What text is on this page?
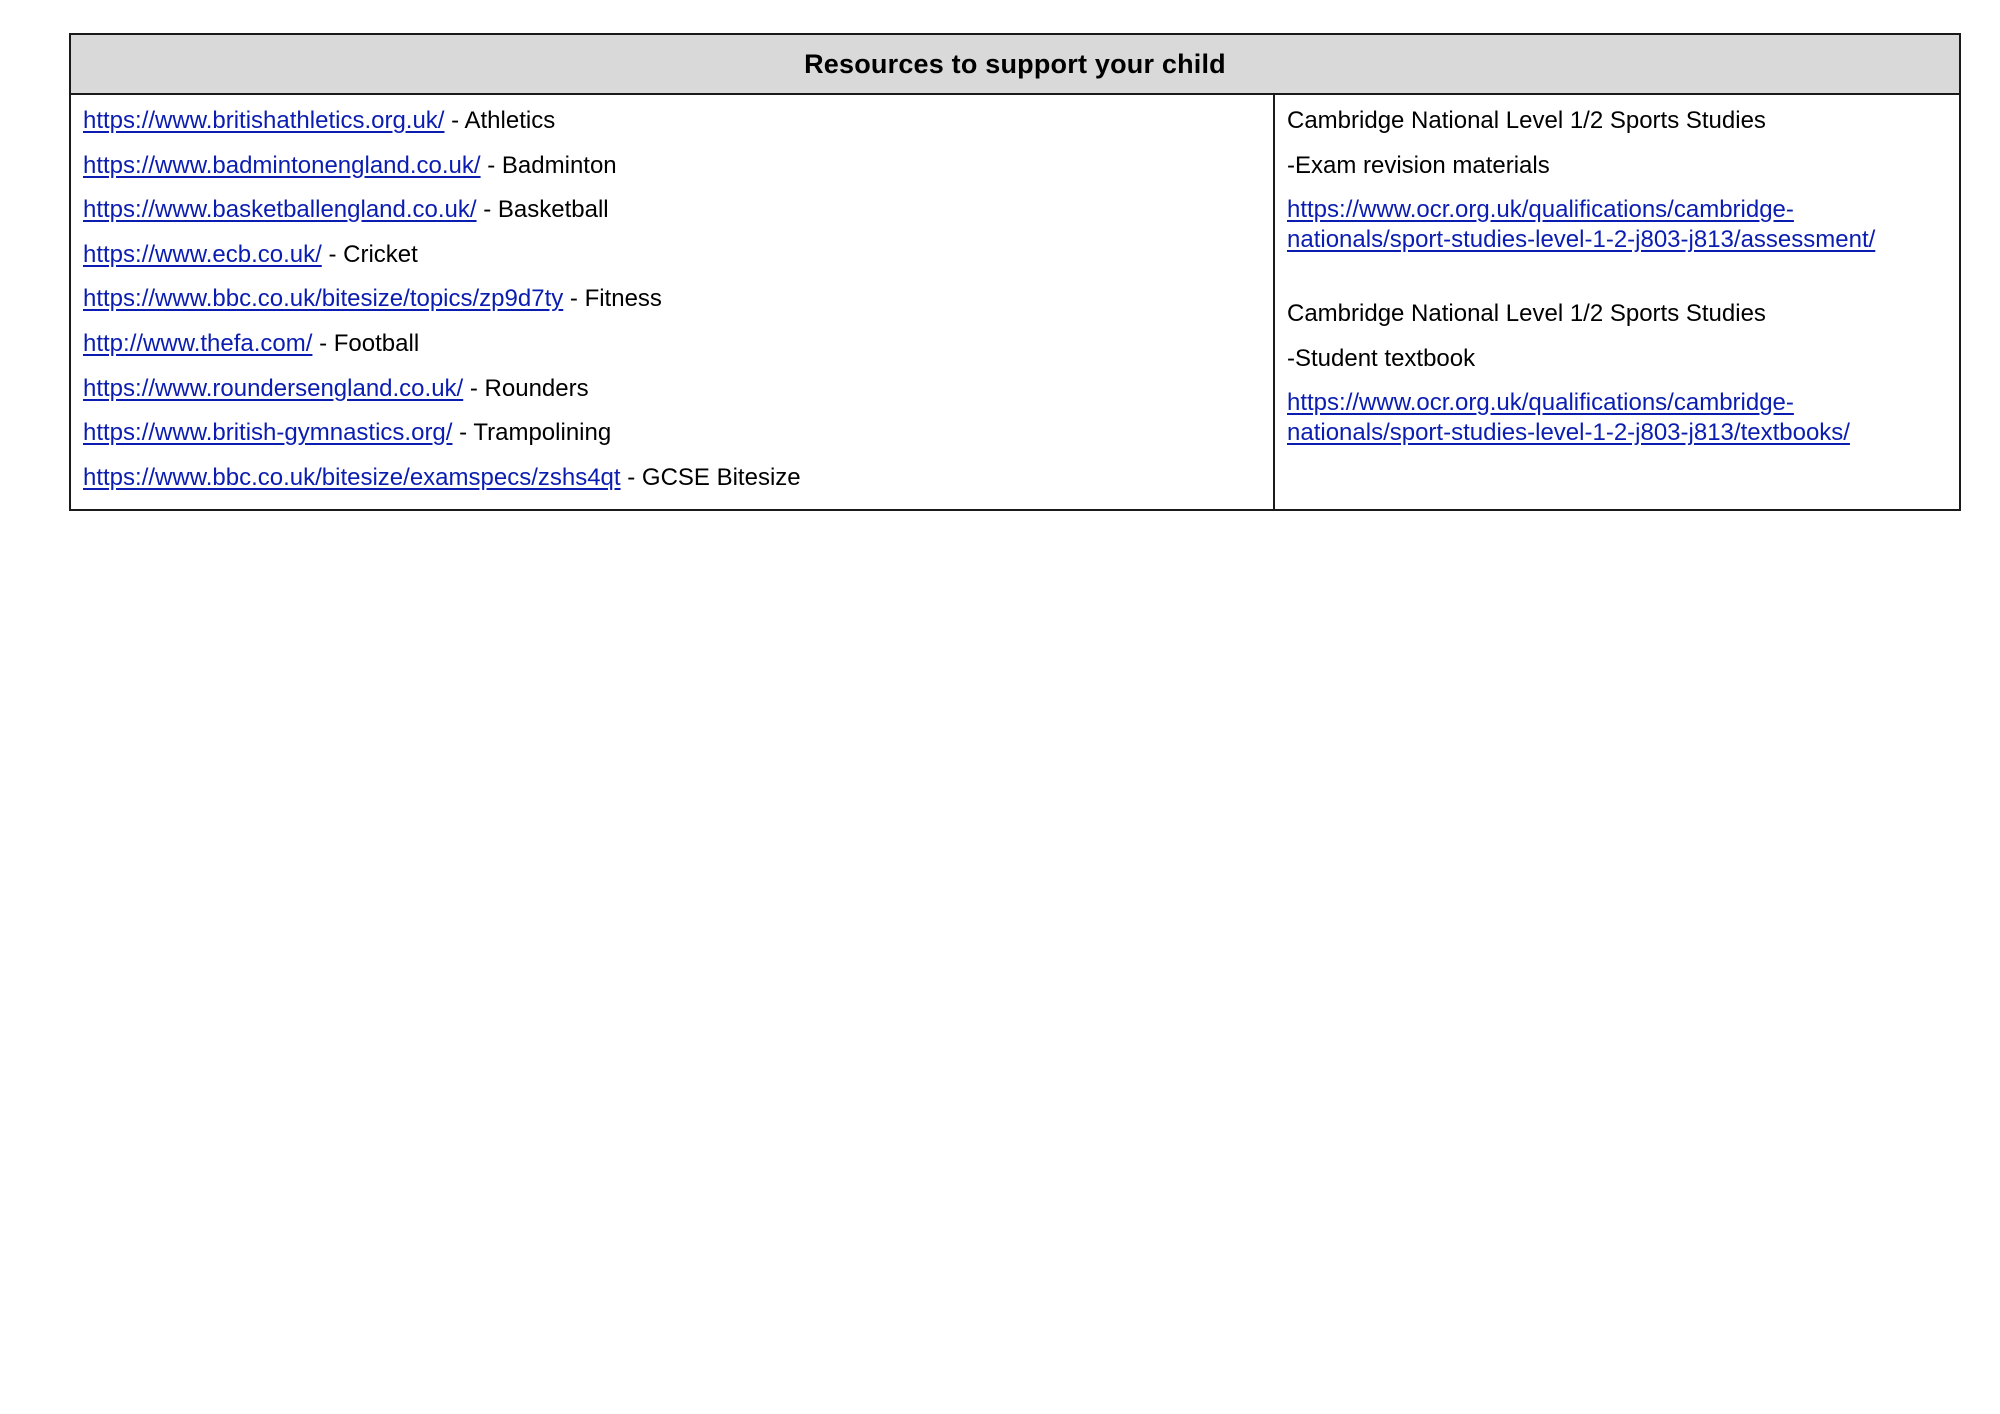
Resources to support your child
https://www.britishathletics.org.uk/ - Athletics
https://www.badmintonengland.co.uk/ - Badminton
https://www.basketballengland.co.uk/ - Basketball
https://www.ecb.co.uk/ - Cricket
https://www.bbc.co.uk/bitesize/topics/zp9d7ty - Fitness
http://www.thefa.com/ - Football
https://www.roundersengland.co.uk/ - Rounders
https://www.british-gymnastics.org/ - Trampolining
https://www.bbc.co.uk/bitesize/examspecs/zshs4qt - GCSE Bitesize
Cambridge National Level 1/2 Sports Studies
-Exam revision materials
https://www.ocr.org.uk/qualifications/cambridge-nationals/sport-studies-level-1-2-j803-j813/assessment/
Cambridge National Level 1/2 Sports Studies
-Student textbook
https://www.ocr.org.uk/qualifications/cambridge-nationals/sport-studies-level-1-2-j803-j813/textbooks/
